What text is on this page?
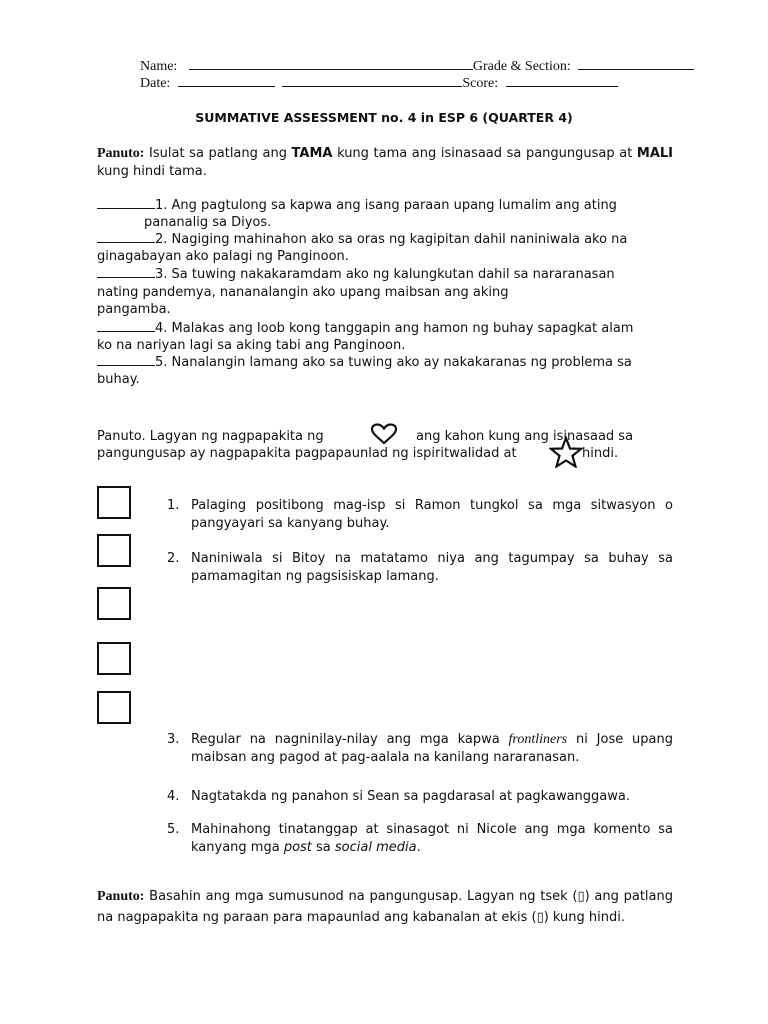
Name:	Grade & Section:
Date:	Score:
SUMMATIVE ASSESSMENT no. 4 in ESP 6 (QUARTER 4)
Panuto: Isulat sa patlang ang TAMA kung tama ang isinasaad sa pangungusap at MALI kung hindi tama.
1. Ang pagtulong sa kapwa ang isang paraan upang lumalim ang ating
pananalig sa Diyos.
2. Nagiging mahinahon ako sa oras ng kagipitan dahil naniniwala ako na
ginagabayan ako palagi ng Panginoon.
3. Sa tuwing nakakaramdam ako ng kalungkutan dahil sa nararanasan
nating pandemya, nananalangin ako upang maibsan ang aking
pangamba.
4. Malakas ang loob kong tanggapin ang hamon ng buhay sapagkat alam
ko na nariyan lagi sa aking tabi ang Panginoon.
5. Nanalangin lamang ako sa tuwing ako ay nakakaranas ng problema sa
buhay.
Panuto. Lagyan ng nagpapakita ng	ang kahon kung ang isinasaad sa
pangungusap ay nagpapakita pagpapaunlad ng ispiritwalidad at	hindi.
1. Palaging positibong mag-isp si Ramon tungkol sa mga sitwasyon o pangyayari sa kanyang buhay.
2. Naniniwala si Bitoy na matatamo niya ang tagumpay sa buhay sa pamamagitan ng pagsisiskap lamang.
3. Regular na nagninilay-nilay ang mga kapwa frontliners ni Jose upang maibsan ang pagod at pag-aalala na kanilang nararanasan.
4. Nagtatakda ng panahon si Sean sa pagdarasal at pagkawanggawa.
5. Mahinahong tinatanggap at sinasagot ni Nicole ang mga komento sa kanyang mga post sa social media.
Panuto: Basahin ang mga sumusunod na pangungusap. Lagyan ng tsek (▯) ang patlang na nagpapakita ng paraan para mapaunlad ang kabanalan at ekis (▯) kung hindi.
